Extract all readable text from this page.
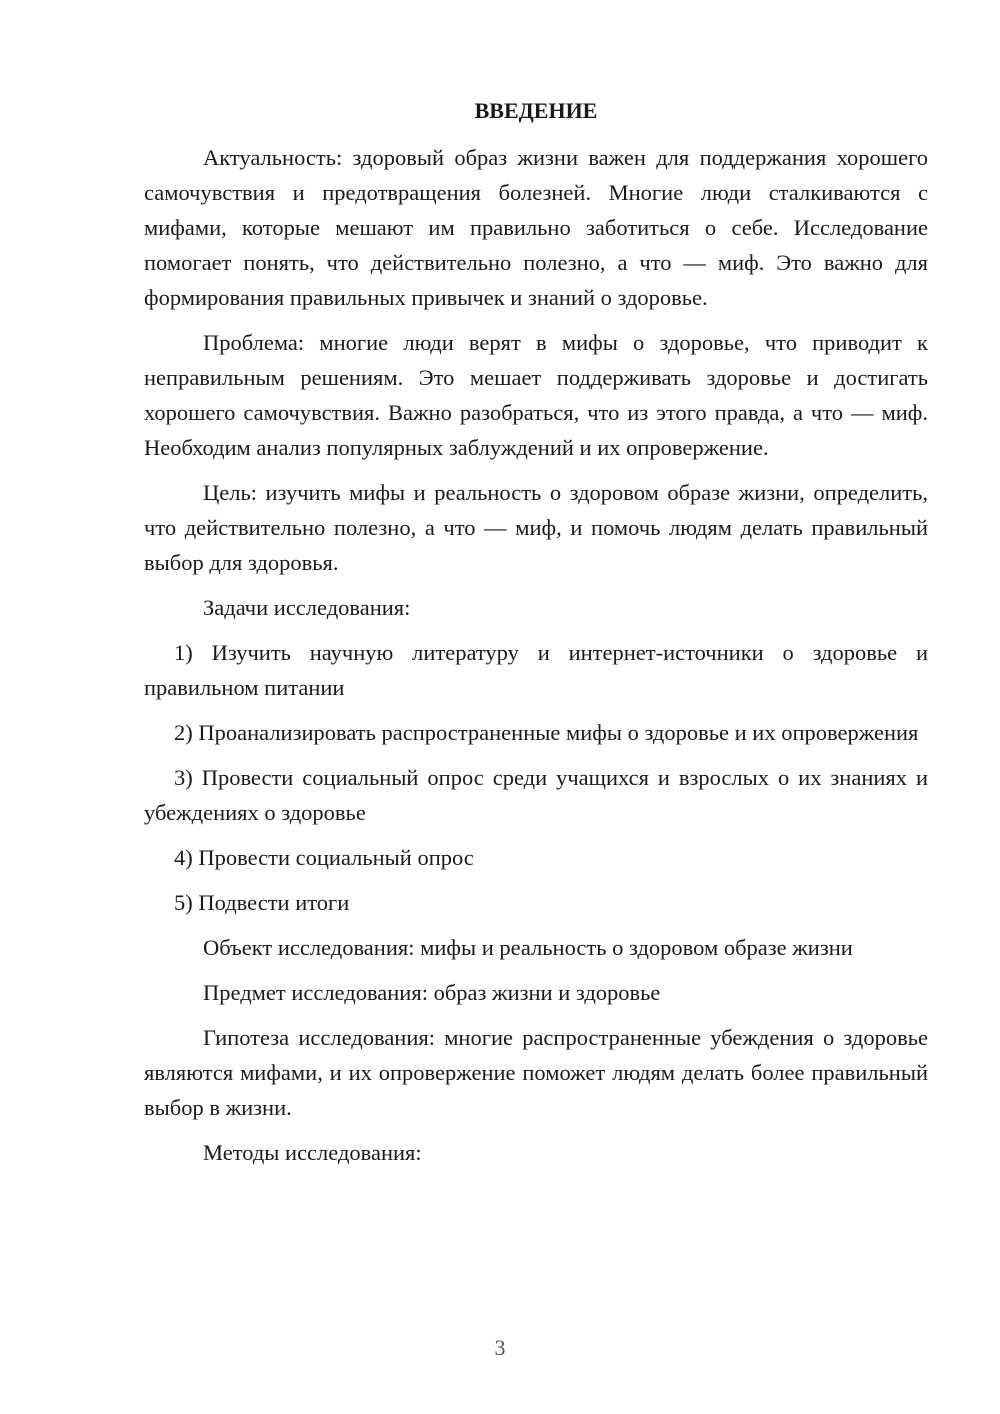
ВВЕДЕНИЕ

Актуальность: здоровый образ жизни важен для поддержания хорошего самочувствия и предотвращения болезней. Многие люди сталкиваются с мифами, которые мешают им правильно заботиться о себе. Исследование помогает понять, что действительно полезно, а что — миф. Это важно для формирования правильных привычек и знаний о здоровье.

Проблема: многие люди верят в мифы о здоровье, что приводит к неправильным решениям. Это мешает поддерживать здоровье и достигать хорошего самочувствия. Важно разобраться, что из этого правда, а что — миф. Необходим анализ популярных заблуждений и их опровержение.

Цель: изучить мифы и реальность о здоровом образе жизни, определить, что действительно полезно, а что — миф, и помочь людям делать правильный выбор для здоровья.

Задачи исследования:

1) Изучить научную литературу и интернет-источники о здоровье и правильном питании

2) Проанализировать распространенные мифы о здоровье и их опровержения

3) Провести социальный опрос среди учащихся и взрослых о их знаниях и убеждениях о здоровье

4) Провести социальный опрос

5) Подвести итоги

Объект исследования: мифы и реальность о здоровом образе жизни

Предмет исследования: образ жизни и здоровье

Гипотеза исследования: многие распространенные убеждения о здоровье являются мифами, и их опровержение поможет людям делать более правильный выбор в жизни.

Методы исследования:

3
